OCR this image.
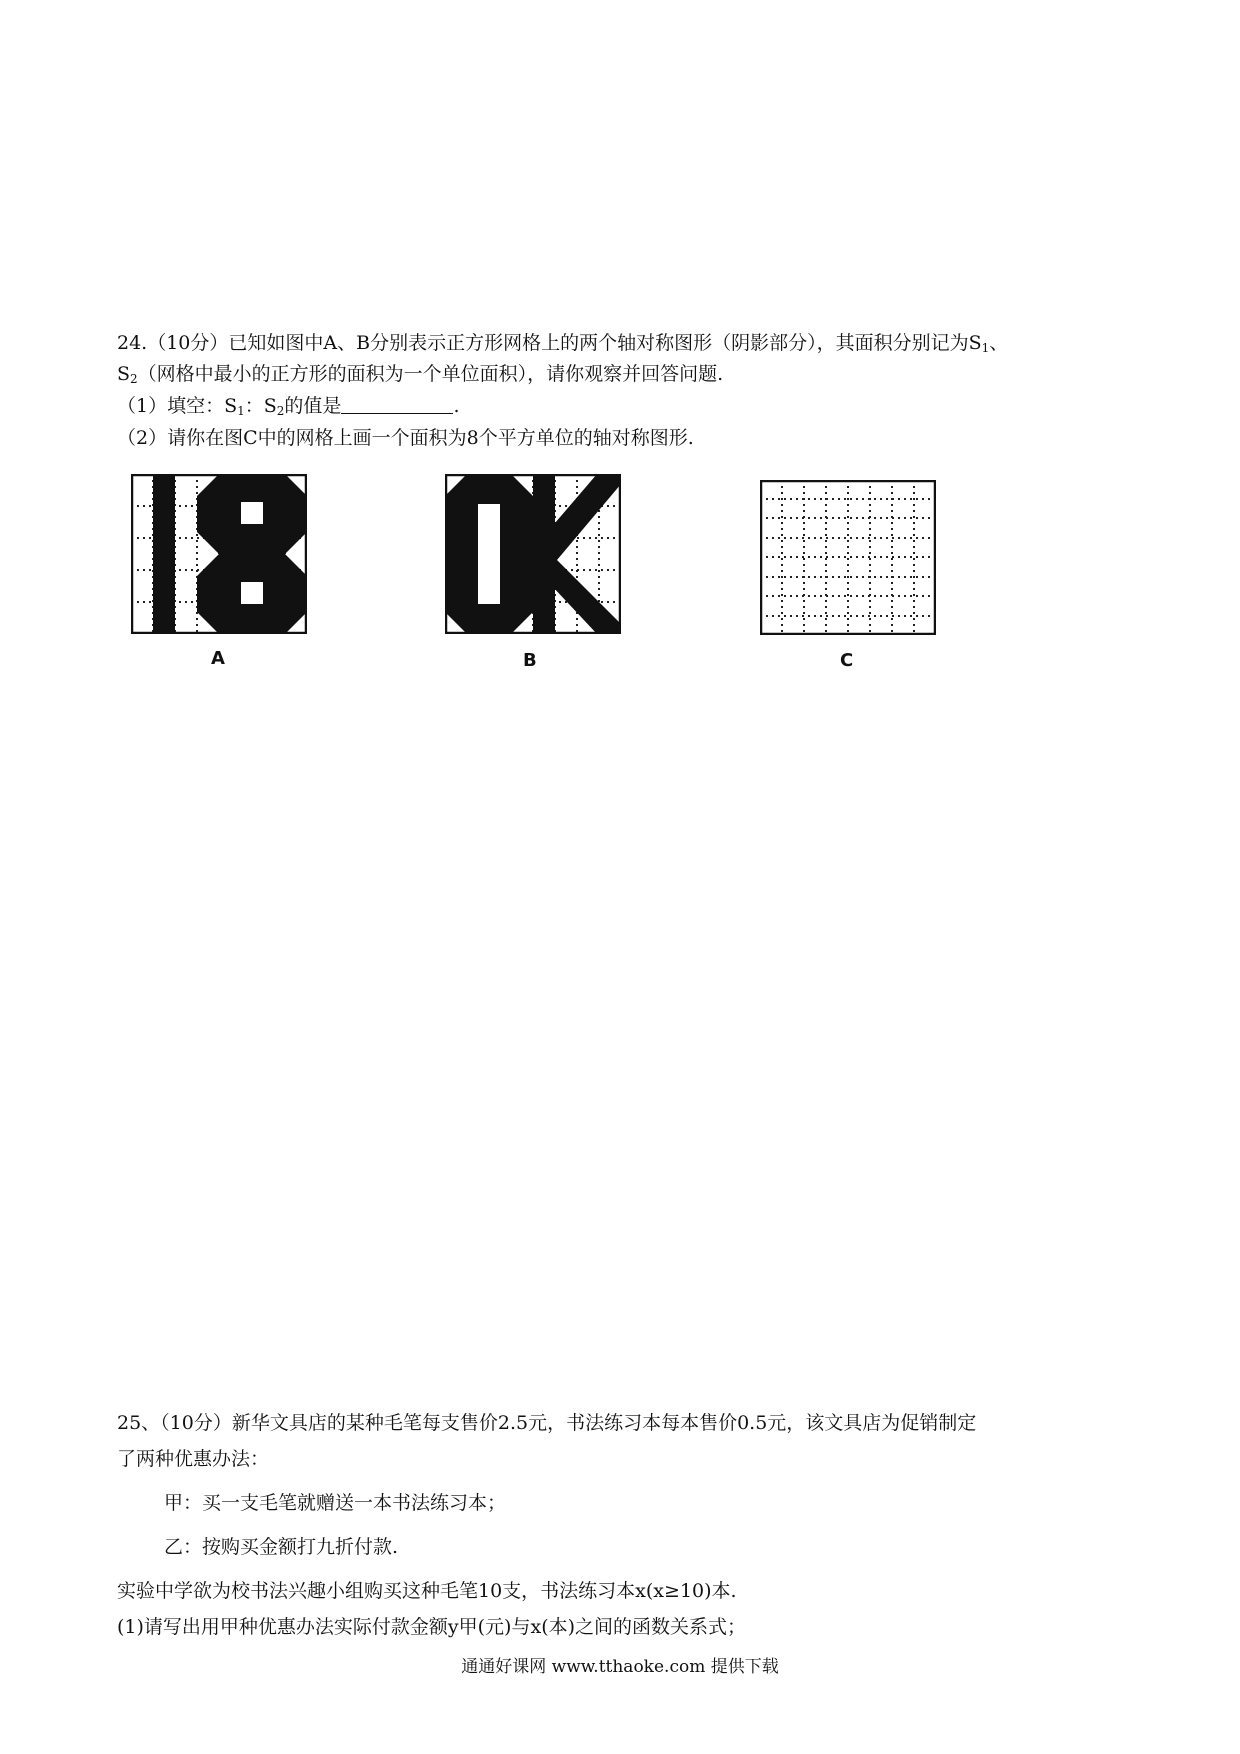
24.（10分）已知如图中A、B分别表示正方形网格上的两个轴对称图形（阴影部分），其面积分别记为$S_1$、
$S_2$（网格中最小的正方形的面积为一个单位面积），请你观察并回答问题.
（1）填空：$S_1$：$S_2$的值是	.
（2）请你在图C中的网格上画一个面积为8个平方单位的轴对称图形.
A	B	C
25、（10分）新华文具店的某种毛笔每支售价2.5元，书法练习本每本售价0.5元，该文具店为促销制定
了两种优惠办法：
甲：买一支毛笔就赠送一本书法练习本；
乙：按购买金额打九折付款.
实验中学欲为校书法兴趣小组购买这种毛笔10支，书法练习本x(x≥10)本.
(1)请写出用甲种优惠办法实际付款金额y甲(元)与x(本)之间的函数关系式；
通通好课网 www.tthaoke.com 提供下载
